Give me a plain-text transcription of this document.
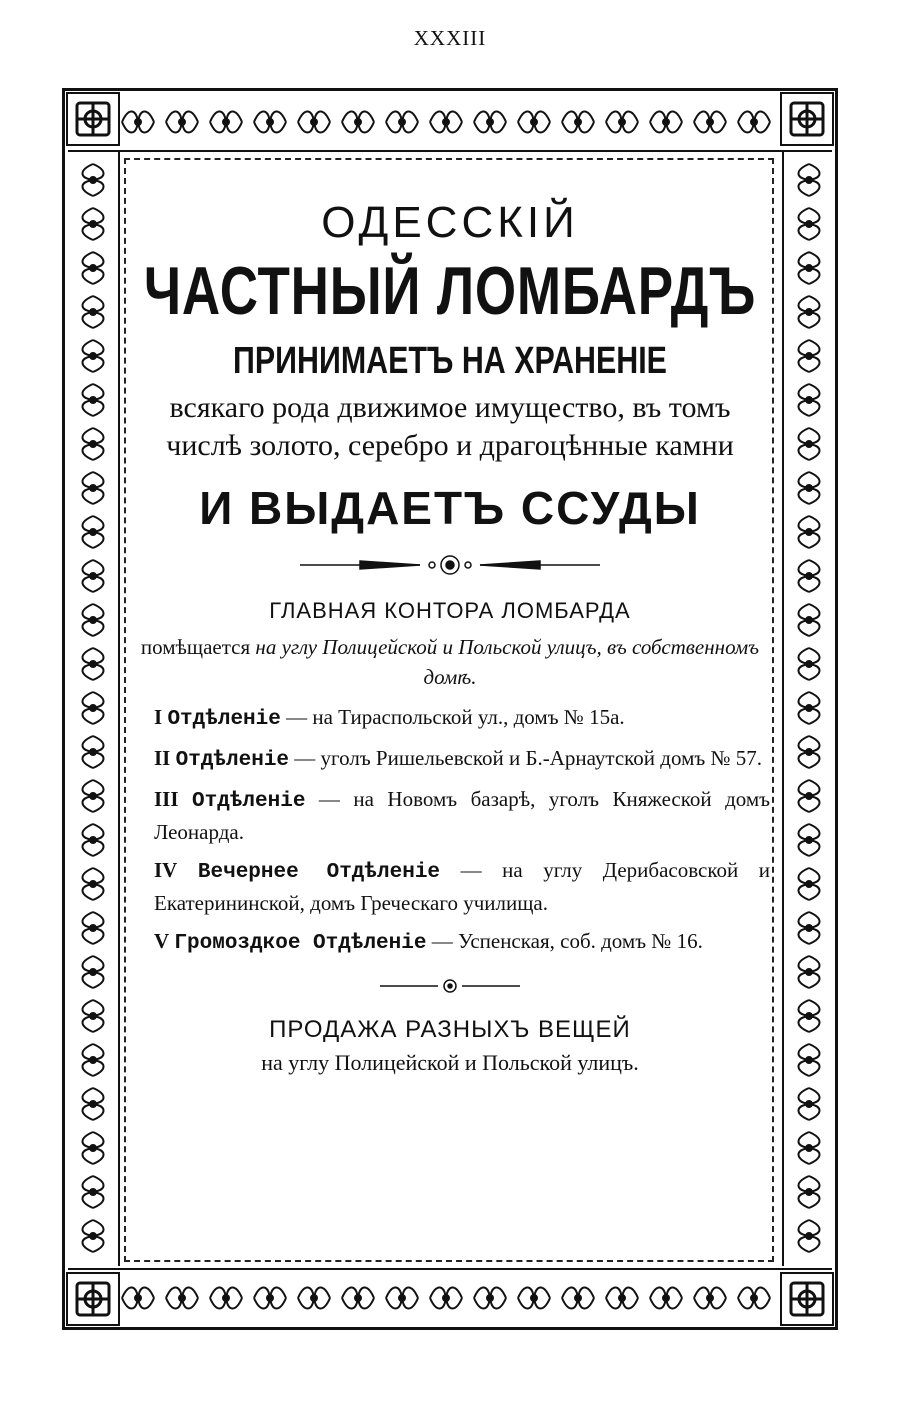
XXXIII
ОДЕССКІЙ
ЧАСТНЫЙ ЛОМБАРДЪ
ПРИНИМАЕТЪ НА ХРАНЕНІЕ
всякаго рода движимое имущество, въ томъ числѣ золото, серебро и драгоцѣнные камни
И ВЫДАЕТЪ ССУДЫ
ГЛАВНАЯ КОНТОРА ЛОМБАРДА
помѣщается на углу Полицейской и Польской улицъ, въ собственномъ домѣ.
I Отдѣленіе — на Тираспольской ул., домъ № 15а.
II Отдѣленіе — уголъ Ришельевской и Б.-Арнаутской домъ № 57.
III Отдѣленіе — на Новомъ базарѣ, уголъ Княжеской домъ Леонарда.
IV Вечернее Отдѣленіе — на углу Дерибасовской и Екатерининской, домъ Греческаго училища.
V Громоздкое Отдѣленіе — Успенская, соб. домъ № 16.
ПРОДАЖА РАЗНЫХЪ ВЕЩЕЙ
на углу Полицейской и Польской улицъ.
